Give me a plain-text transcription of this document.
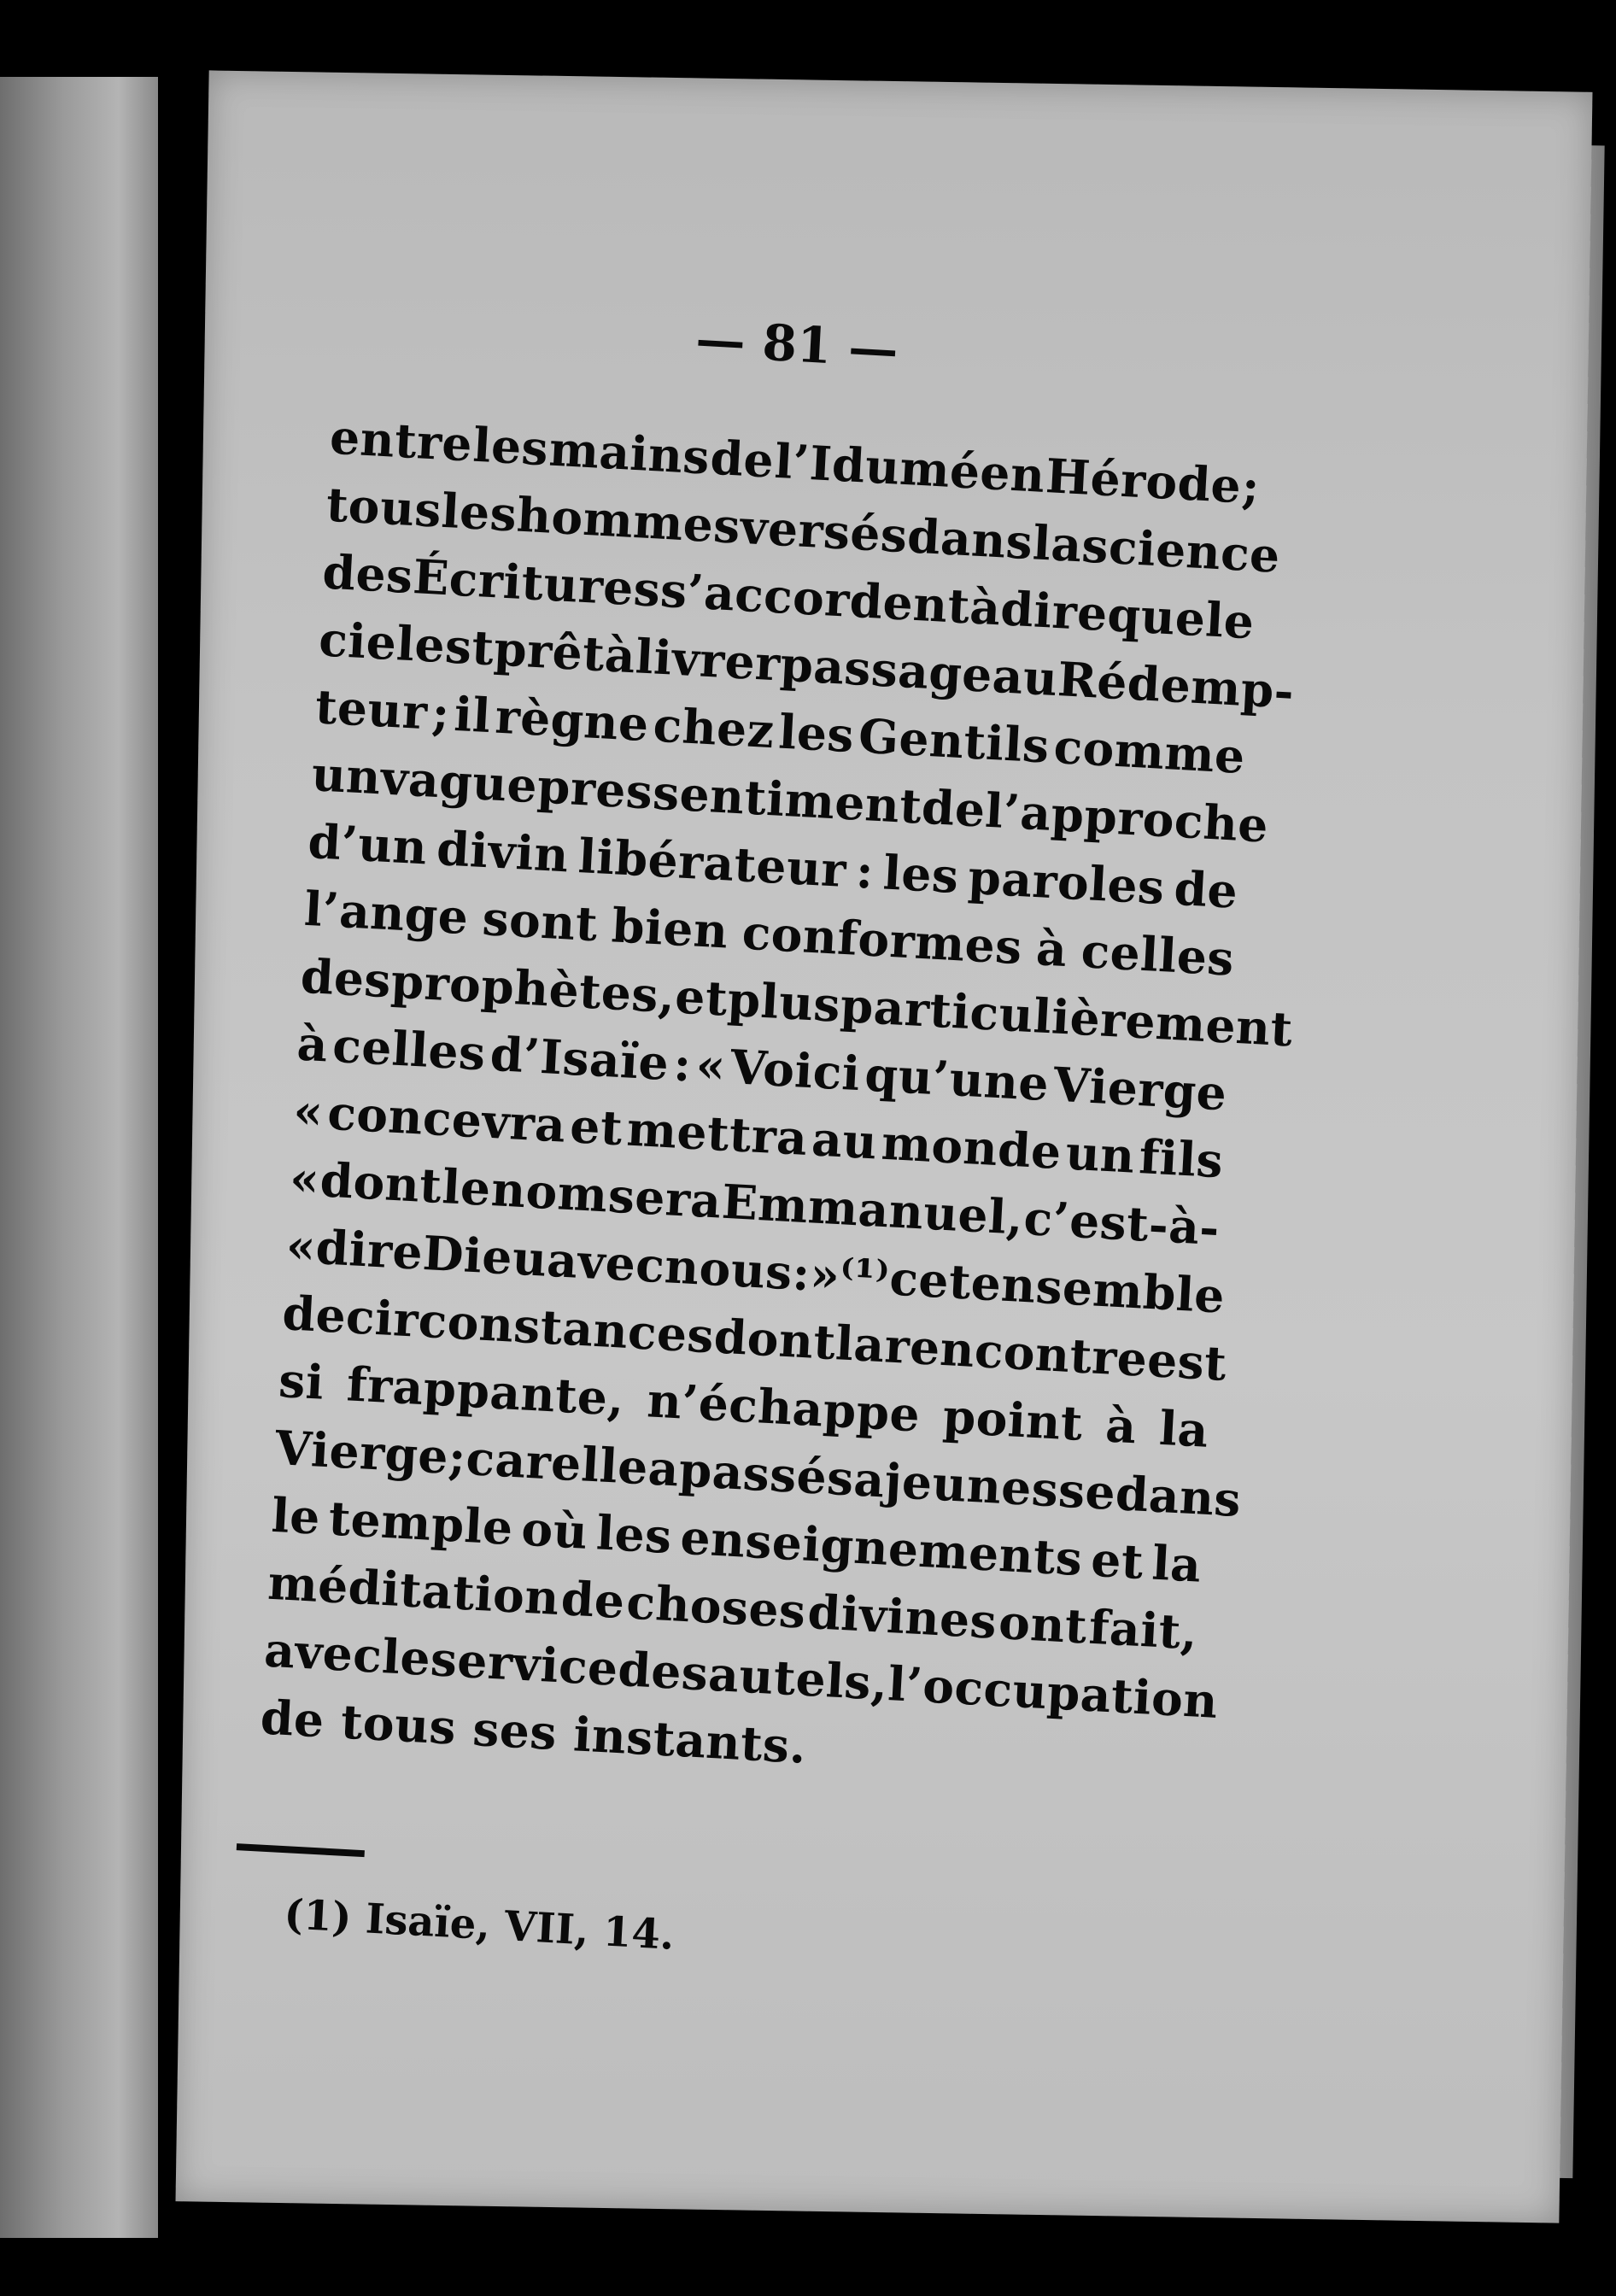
— 81 —
entre
les
mains
de
l’Iduméen
Hérode
;
tous
les
hommes
versés
dans
la
science
des
Écritures
s’accordent
à
dire
que
le
ciel
est
prêt
à
livrer
passage
au
Rédemp-
teur ; il règne chez les Gentils comme
un
vague
pressentiment
de
l’approche
d’un divin libérateur : les paroles de
l’ange sont bien conformes à celles
des
prophètes,
et
plus
particulièrement
à celles d’Isaïe : « Voici qu’une Vierge
« concevra et mettra au monde un fils
«
dont
le
nom
sera
Emmanuel,
c’est-à-
«
dire
Dieu
avec
nous:
»⁽¹⁾
cet
ensemble
de
circonstances
dont
la
rencontre
est
si frappante, n’échappe point à la
Vierge
;
car
elle
a
passé
sa
jeunesse
dans
le temple où les enseignements et la
méditation
de
choses
divines
ont
fait,
avec
le
service
des
autels,
l’occupation
de
tous
ses
instants.
(1) Isaïe, VII, 14.
